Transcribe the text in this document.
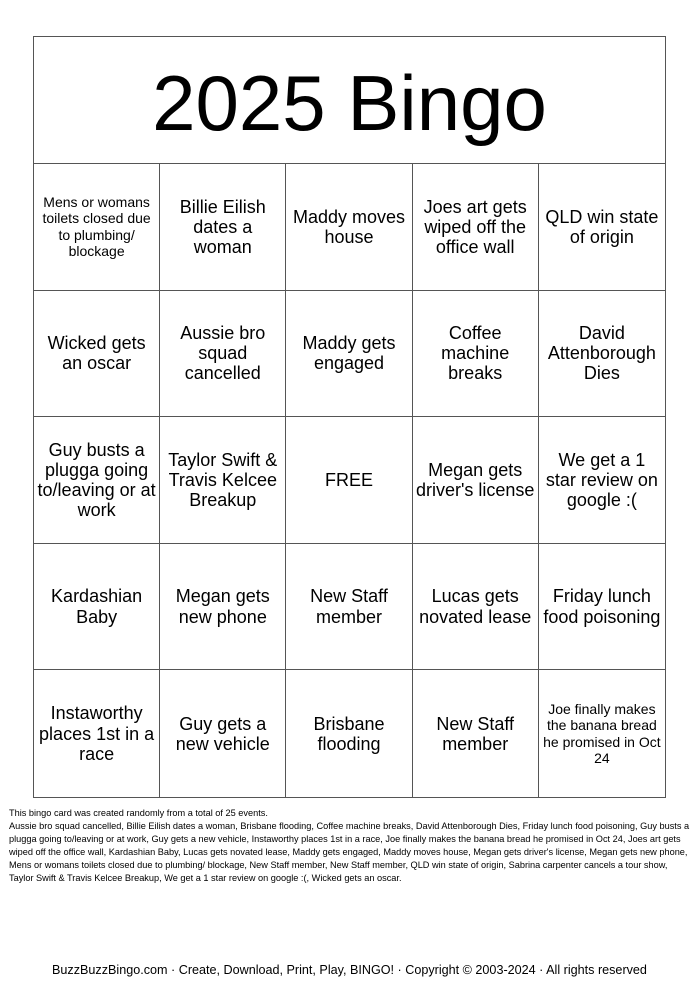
2025 Bingo
Mens or womans toilets closed due to plumbing/ blockage
Billie Eilish dates a woman
Maddy moves house
Joes art gets wiped off the office wall
QLD win state of origin
Wicked gets an oscar
Aussie bro squad cancelled
Maddy gets engaged
Coffee machine breaks
David Attenborough Dies
Guy busts a plugga going to/leaving or at work
Taylor Swift & Travis Kelcee Breakup
FREE
Megan gets driver's license
We get a 1 star review on google :(
Kardashian Baby
Megan gets new phone
New Staff member
Lucas gets novated lease
Friday lunch food poisoning
Instaworthy places 1st in a race
Guy gets a new vehicle
Brisbane flooding
New Staff member
Joe finally makes the banana bread he promised in Oct 24
This bingo card was created randomly from a total of 25 events.
Aussie bro squad cancelled, Billie Eilish dates a woman, Brisbane flooding, Coffee machine breaks, David Attenborough Dies, Friday lunch food poisoning, Guy busts a plugga going to/leaving or at work, Guy gets a new vehicle, Instaworthy places 1st in a race, Joe finally makes the banana bread he promised in Oct 24, Joes art gets wiped off the office wall, Kardashian Baby, Lucas gets novated lease, Maddy gets engaged, Maddy moves house, Megan gets driver's license, Megan gets new phone, Mens or womans toilets closed due to plumbing/ blockage, New Staff member, New Staff member, QLD win state of origin, Sabrina carpenter cancels a tour show, Taylor Swift & Travis Kelcee Breakup, We get a 1 star review on google :(, Wicked gets an oscar.
BuzzBuzzBingo.com · Create, Download, Print, Play, BINGO! · Copyright © 2003-2024 · All rights reserved
